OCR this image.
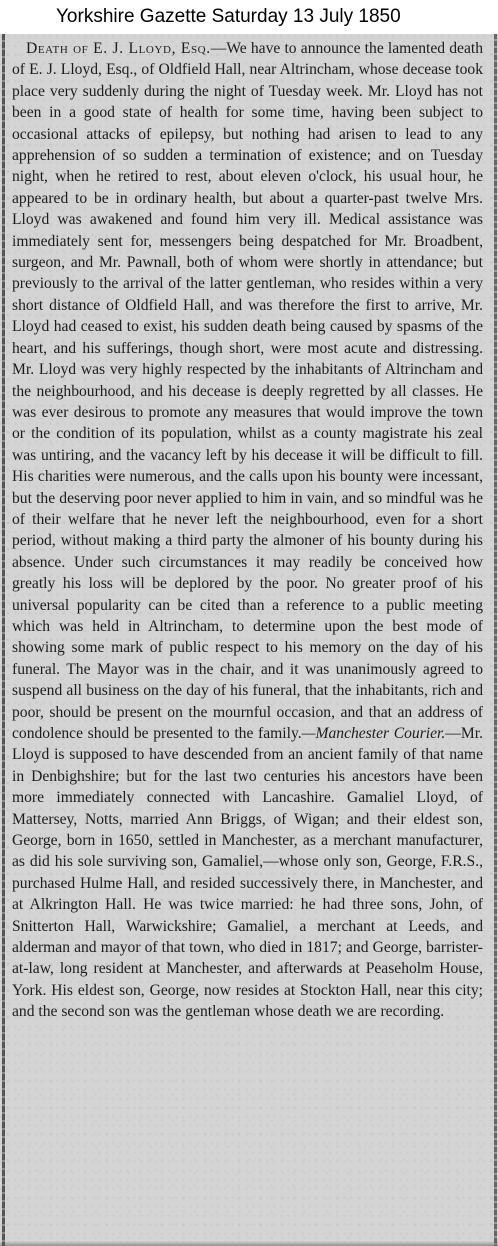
Yorkshire Gazette Saturday 13 July 1850

Death of E. J. Lloyd, Esq.—We have to announce the lamented death of E. J. Lloyd, Esq., of Oldfield Hall, near Altrincham, whose decease took place very suddenly during the night of Tuesday week. Mr. Lloyd has not been in a good state of health for some time, having been subject to occasional attacks of epilepsy, but nothing had arisen to lead to any apprehension of so sudden a termination of existence; and on Tuesday night, when he retired to rest, about eleven o'clock, his usual hour, he appeared to be in ordinary health, but about a quarter-past twelve Mrs. Lloyd was awakened and found him very ill. Medical assistance was immediately sent for, messengers being despatched for Mr. Broadbent, surgeon, and Mr. Pawnall, both of whom were shortly in attendance; but previously to the arrival of the latter gentleman, who resides within a very short distance of Oldfield Hall, and was therefore the first to arrive, Mr. Lloyd had ceased to exist, his sudden death being caused by spasms of the heart, and his sufferings, though short, were most acute and distressing. Mr. Lloyd was very highly respected by the inhabitants of Altrincham and the neighbourhood, and his decease is deeply regretted by all classes. He was ever desirous to promote any measures that would improve the town or the condition of its population, whilst as a county magistrate his zeal was untiring, and the vacancy left by his decease it will be difficult to fill. His charities were numerous, and the calls upon his bounty were incessant, but the deserving poor never applied to him in vain, and so mindful was he of their welfare that he never left the neighbourhood, even for a short period, without making a third party the almoner of his bounty during his absence. Under such circumstances it may readily be conceived how greatly his loss will be deplored by the poor. No greater proof of his universal popularity can be cited than a reference to a public meeting which was held in Altrincham, to determine upon the best mode of showing some mark of public respect to his memory on the day of his funeral. The Mayor was in the chair, and it was unanimously agreed to suspend all business on the day of his funeral, that the inhabitants, rich and poor, should be present on the mournful occasion, and that an address of condolence should be presented to the family.—Manchester Courier.—Mr. Lloyd is supposed to have descended from an ancient family of that name in Denbighshire; but for the last two centuries his ancestors have been more immediately connected with Lancashire. Gamaliel Lloyd, of Mattersey, Notts, married Ann Briggs, of Wigan; and their eldest son, George, born in 1650, settled in Manchester, as a merchant manufacturer, as did his sole surviving son, Gamaliel,—whose only son, George, F.R.S., purchased Hulme Hall, and resided successively there, in Manchester, and at Alkrington Hall. He was twice married: he had three sons, John, of Snitterton Hall, Warwickshire; Gamaliel, a merchant at Leeds, and alderman and mayor of that town, who died in 1817; and George, barrister-at-law, long resident at Manchester, and afterwards at Peaseholm House, York. His eldest son, George, now resides at Stockton Hall, near this city; and the second son was the gentleman whose death we are recording.
